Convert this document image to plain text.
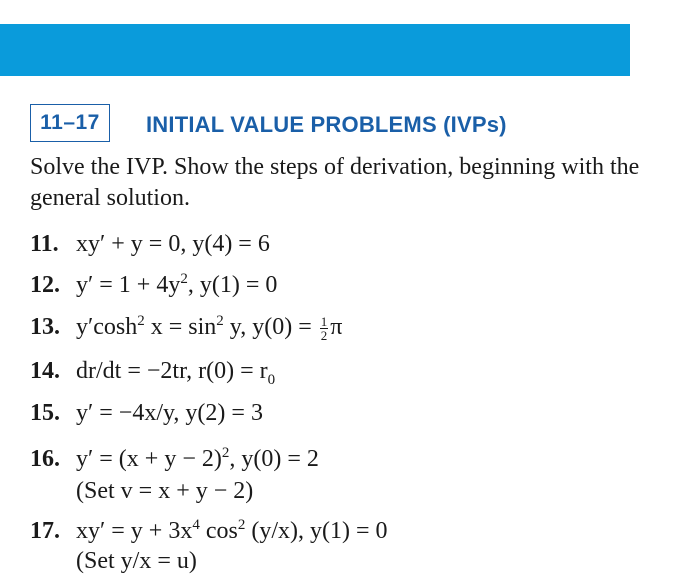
11–17	INITIAL VALUE PROBLEMS (IVPs)
Solve the IVP. Show the steps of derivation, beginning with the general solution.
11. xy′ + y = 0, y(4) = 6
12. $y' = 1 + 4y^2$, y(1) = 0
13. $y'\cosh^2$ $x = \sin^2 y$, $y(0) = \frac{1}{2}$ π
14. dr/dt = −2tr, $r(0) = r_0$
15. y′ = −4x/y, y(2) = 3
16. $y' = (x + y - 2)^2$, y(0) = 2
(Set v = x + y − 2)
17. $xy' = y + 3x^4$ $\cos^2 (y/x)$, y(1) = 0
(Set y/x = u)
